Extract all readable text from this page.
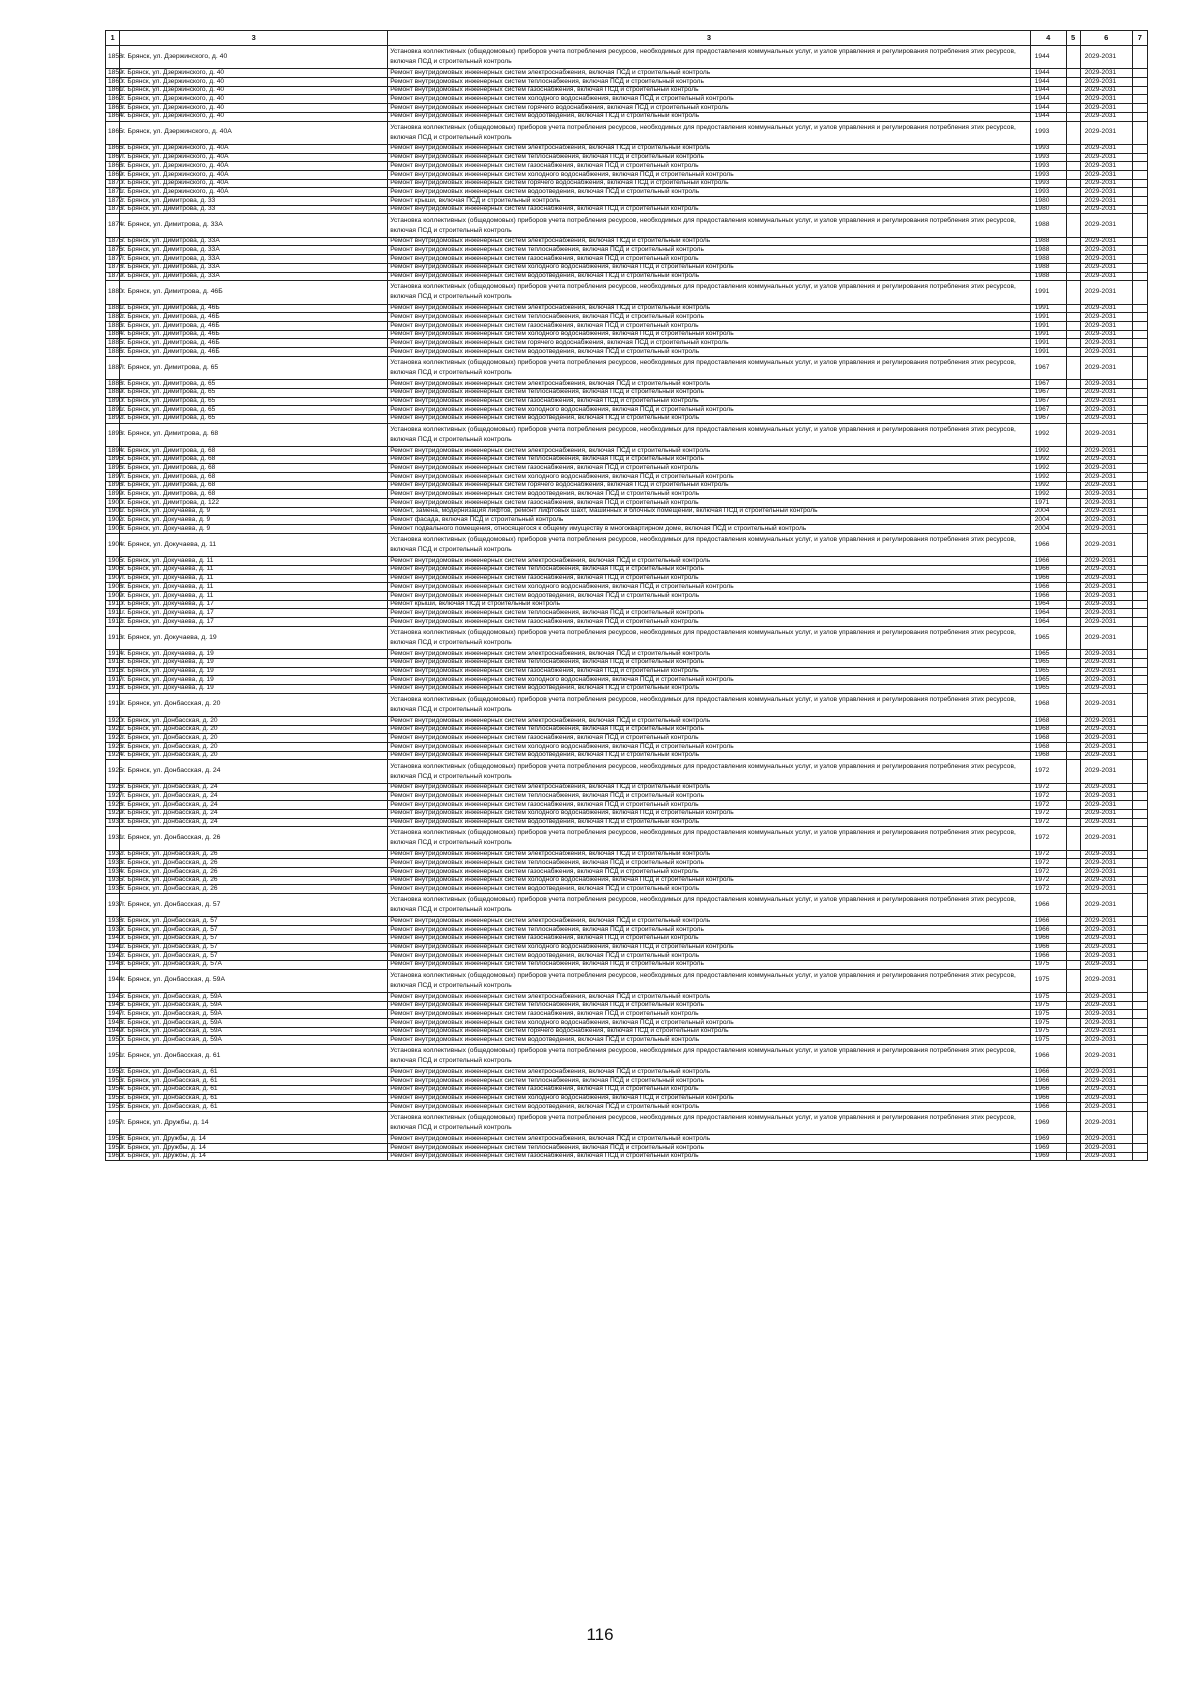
1	3	3	4	5	6	7
1858	г. Брянск, ул. Дзержинского, д. 40	Установка коллективных (общедомовых) приборов учета потребления ресурсов, необходимых для предоставления коммунальных услуг, и узлов управления и регулирования потребления этих ресурсов, включая ПСД и строительный контроль	1944		2029-2031	
1859	г. Брянск, ул. Дзержинского, д. 40	Ремонт внутридомовых инженерных систем электроснабжения, включая ПСД и строительный контроль	1944		2029-2031	
1860	г. Брянск, ул. Дзержинского, д. 40	Ремонт внутридомовых инженерных систем теплоснабжения, включая ПСД и строительный контроль	1944		2029-2031	
1861	г. Брянск, ул. Дзержинского, д. 40	Ремонт внутридомовых инженерных систем газоснабжения, включая ПСД и строительный контроль	1944		2029-2031	
1862	г. Брянск, ул. Дзержинского, д. 40	Ремонт внутридомовых инженерных систем холодного водоснабжения, включая ПСД и строительный контроль	1944		2029-2031	
1863	г. Брянск, ул. Дзержинского, д. 40	Ремонт внутридомовых инженерных систем горячего водоснабжения, включая ПСД и строительный контроль	1944		2029-2031	
1864	г. Брянск, ул. Дзержинского, д. 40	Ремонт внутридомовых инженерных систем водоотведения, включая ПСД и строительный контроль	1944		2029-2031	
1865	г. Брянск, ул. Дзержинского, д. 40А	Установка коллективных (общедомовых) приборов учета потребления ресурсов, необходимых для предоставления коммунальных услуг, и узлов управления и регулирования потребления этих ресурсов, включая ПСД и строительный контроль	1993		2029-2031	
1866	г. Брянск, ул. Дзержинского, д. 40А	Ремонт внутридомовых инженерных систем электроснабжения, включая ПСД и строительный контроль	1993		2029-2031	
1867	г. Брянск, ул. Дзержинского, д. 40А	Ремонт внутридомовых инженерных систем теплоснабжения, включая ПСД и строительный контроль	1993		2029-2031	
1868	г. Брянск, ул. Дзержинского, д. 40А	Ремонт внутридомовых инженерных систем газоснабжения, включая ПСД и строительный контроль	1993		2029-2031	
1869	г. Брянск, ул. Дзержинского, д. 40А	Ремонт внутридомовых инженерных систем холодного водоснабжения, включая ПСД и строительный контроль	1993		2029-2031	
1870	г. Брянск, ул. Дзержинского, д. 40А	Ремонт внутридомовых инженерных систем горячего водоснабжения, включая ПСД и строительный контроль	1993		2029-2031	
1871	г. Брянск, ул. Дзержинского, д. 40А	Ремонт внутридомовых инженерных систем водоотведения, включая ПСД и строительный контроль	1993		2029-2031	
1872	г. Брянск, ул. Димитрова, д. 33	Ремонт крыши, включая ПСД и строительный контроль	1980		2029-2031	
1873	г. Брянск, ул. Димитрова, д. 33	Ремонт внутридомовых инженерных систем газоснабжения, включая ПСД и строительный контроль	1980		2029-2031	
1874	г. Брянск, ул. Димитрова, д. 33А	Установка коллективных (общедомовых) приборов учета потребления ресурсов, необходимых для предоставления коммунальных услуг, и узлов управления и регулирования потребления этих ресурсов, включая ПСД и строительный контроль	1988		2029-2031	
1875	г. Брянск, ул. Димитрова, д. 33А	Ремонт внутридомовых инженерных систем электроснабжения, включая ПСД и строительный контроль	1988		2029-2031	
1876	г. Брянск, ул. Димитрова, д. 33А	Ремонт внутридомовых инженерных систем теплоснабжения, включая ПСД и строительный контроль	1988		2029-2031	
1877	г. Брянск, ул. Димитрова, д. 33А	Ремонт внутридомовых инженерных систем газоснабжения, включая ПСД и строительный контроль	1988		2029-2031	
1878	г. Брянск, ул. Димитрова, д. 33А	Ремонт внутридомовых инженерных систем холодного водоснабжения, включая ПСД и строительный контроль	1988		2029-2031	
1879	г. Брянск, ул. Димитрова, д. 33А	Ремонт внутридомовых инженерных систем водоотведения, включая ПСД и строительный контроль	1988		2029-2031	
1880	г. Брянск, ул. Димитрова, д. 46Б	Установка коллективных (общедомовых) приборов учета потребления ресурсов, необходимых для предоставления коммунальных услуг, и узлов управления и регулирования потребления этих ресурсов, включая ПСД и строительный контроль	1991		2029-2031	
1881	г. Брянск, ул. Димитрова, д. 46Б	Ремонт внутридомовых инженерных систем электроснабжения, включая ПСД и строительный контроль	1991		2029-2031	
1882	г. Брянск, ул. Димитрова, д. 46Б	Ремонт внутридомовых инженерных систем теплоснабжения, включая ПСД и строительный контроль	1991		2029-2031	
1883	г. Брянск, ул. Димитрова, д. 46Б	Ремонт внутридомовых инженерных систем газоснабжения, включая ПСД и строительный контроль	1991		2029-2031	
1884	г. Брянск, ул. Димитрова, д. 46Б	Ремонт внутридомовых инженерных систем холодного водоснабжения, включая ПСД и строительный контроль	1991		2029-2031	
1885	г. Брянск, ул. Димитрова, д. 46Б	Ремонт внутридомовых инженерных систем горячего водоснабжения, включая ПСД и строительный контроль	1991		2029-2031	
1886	г. Брянск, ул. Димитрова, д. 46Б	Ремонт внутридомовых инженерных систем водоотведения, включая ПСД и строительный контроль	1991		2029-2031	
1887	г. Брянск, ул. Димитрова, д. 65	Установка коллективных (общедомовых) приборов учета потребления ресурсов, необходимых для предоставления коммунальных услуг, и узлов управления и регулирования потребления этих ресурсов, включая ПСД и строительный контроль	1967		2029-2031	
1888	г. Брянск, ул. Димитрова, д. 65	Ремонт внутридомовых инженерных систем электроснабжения, включая ПСД и строительный контроль	1967		2029-2031	
1889	г. Брянск, ул. Димитрова, д. 65	Ремонт внутридомовых инженерных систем теплоснабжения, включая ПСД и строительный контроль	1967		2029-2031	
1890	г. Брянск, ул. Димитрова, д. 65	Ремонт внутридомовых инженерных систем газоснабжения, включая ПСД и строительный контроль	1967		2029-2031	
1891	г. Брянск, ул. Димитрова, д. 65	Ремонт внутридомовых инженерных систем холодного водоснабжения, включая ПСД и строительный контроль	1967		2029-2031	
1892	г. Брянск, ул. Димитрова, д. 65	Ремонт внутридомовых инженерных систем водоотведения, включая ПСД и строительный контроль	1967		2029-2031	
1893	г. Брянск, ул. Димитрова, д. 68	Установка коллективных (общедомовых) приборов учета потребления ресурсов, необходимых для предоставления коммунальных услуг, и узлов управления и регулирования потребления этих ресурсов, включая ПСД и строительный контроль	1992		2029-2031	
1894	г. Брянск, ул. Димитрова, д. 68	Ремонт внутридомовых инженерных систем электроснабжения, включая ПСД и строительный контроль	1992		2029-2031	
1895	г. Брянск, ул. Димитрова, д. 68	Ремонт внутридомовых инженерных систем теплоснабжения, включая ПСД и строительный контроль	1992		2029-2031	
1896	г. Брянск, ул. Димитрова, д. 68	Ремонт внутридомовых инженерных систем газоснабжения, включая ПСД и строительный контроль	1992		2029-2031	
1897	г. Брянск, ул. Димитрова, д. 68	Ремонт внутридомовых инженерных систем холодного водоснабжения, включая ПСД и строительный контроль	1992		2029-2031	
1898	г. Брянск, ул. Димитрова, д. 68	Ремонт внутридомовых инженерных систем горячего водоснабжения, включая ПСД и строительный контроль	1992		2029-2031	
1899	г. Брянск, ул. Димитрова, д. 68	Ремонт внутридомовых инженерных систем водоотведения, включая ПСД и строительный контроль	1992		2029-2031	
1900	г. Брянск, ул. Димитрова, д. 122	Ремонт внутридомовых инженерных систем газоснабжения, включая ПСД и строительный контроль	1971		2029-2031	
1901	г. Брянск, ул. Докучаева, д. 9	Ремонт, замена, модернизация лифтов, ремонт лифтовых шахт, машинных и блочных помещений, включая ПСД и строительный контроль	2004		2029-2031	
1902	г. Брянск, ул. Докучаева, д. 9	Ремонт фасада, включая ПСД и строительный контроль	2004		2029-2031	
1903	г. Брянск, ул. Докучаева, д. 9	Ремонт подвального помещения, относящегося к общему имуществу в многоквартирном доме, включая ПСД и строительный контроль	2004		2029-2031	
1904	г. Брянск, ул. Докучаева, д. 11	Установка коллективных (общедомовых) приборов учета потребления ресурсов, необходимых для предоставления коммунальных услуг, и узлов управления и регулирования потребления этих ресурсов, включая ПСД и строительный контроль	1966		2029-2031	
1905	г. Брянск, ул. Докучаева, д. 11	Ремонт внутридомовых инженерных систем электроснабжения, включая ПСД и строительный контроль	1966		2029-2031	
1906	г. Брянск, ул. Докучаева, д. 11	Ремонт внутридомовых инженерных систем теплоснабжения, включая ПСД и строительный контроль	1966		2029-2031	
1907	г. Брянск, ул. Докучаева, д. 11	Ремонт внутридомовых инженерных систем газоснабжения, включая ПСД и строительный контроль	1966		2029-2031	
1908	г. Брянск, ул. Докучаева, д. 11	Ремонт внутридомовых инженерных систем холодного водоснабжения, включая ПСД и строительный контроль	1966		2029-2031	
1909	г. Брянск, ул. Докучаева, д. 11	Ремонт внутридомовых инженерных систем водоотведения, включая ПСД и строительный контроль	1966		2029-2031	
1910	г. Брянск, ул. Докучаева, д. 17	Ремонт крыши, включая ПСД и строительный контроль	1964		2029-2031	
1911	г. Брянск, ул. Докучаева, д. 17	Ремонт внутридомовых инженерных систем теплоснабжения, включая ПСД и строительный контроль	1964		2029-2031	
1912	г. Брянск, ул. Докучаева, д. 17	Ремонт внутридомовых инженерных систем газоснабжения, включая ПСД и строительный контроль	1964		2029-2031	
1913	г. Брянск, ул. Докучаева, д. 19	Установка коллективных (общедомовых) приборов учета потребления ресурсов, необходимых для предоставления коммунальных услуг, и узлов управления и регулирования потребления этих ресурсов, включая ПСД и строительный контроль	1965		2029-2031	
1914	г. Брянск, ул. Докучаева, д. 19	Ремонт внутридомовых инженерных систем электроснабжения, включая ПСД и строительный контроль	1965		2029-2031	
1915	г. Брянск, ул. Докучаева, д. 19	Ремонт внутридомовых инженерных систем теплоснабжения, включая ПСД и строительный контроль	1965		2029-2031	
1916	г. Брянск, ул. Докучаева, д. 19	Ремонт внутридомовых инженерных систем газоснабжения, включая ПСД и строительный контроль	1965		2029-2031	
1917	г. Брянск, ул. Докучаева, д. 19	Ремонт внутридомовых инженерных систем холодного водоснабжения, включая ПСД и строительный контроль	1965		2029-2031	
1918	г. Брянск, ул. Докучаева, д. 19	Ремонт внутридомовых инженерных систем водоотведения, включая ПСД и строительный контроль	1965		2029-2031	
1919	г. Брянск, ул. Донбасская, д. 20	Установка коллективных (общедомовых) приборов учета потребления ресурсов, необходимых для предоставления коммунальных услуг, и узлов управления и регулирования потребления этих ресурсов, включая ПСД и строительный контроль	1968		2029-2031	
1920	г. Брянск, ул. Донбасская, д. 20	Ремонт внутридомовых инженерных систем электроснабжения, включая ПСД и строительный контроль	1968		2029-2031	
1921	г. Брянск, ул. Донбасская, д. 20	Ремонт внутридомовых инженерных систем теплоснабжения, включая ПСД и строительный контроль	1968		2029-2031	
1922	г. Брянск, ул. Донбасская, д. 20	Ремонт внутридомовых инженерных систем газоснабжения, включая ПСД и строительный контроль	1968		2029-2031	
1923	г. Брянск, ул. Донбасская, д. 20	Ремонт внутридомовых инженерных систем холодного водоснабжения, включая ПСД и строительный контроль	1968		2029-2031	
1924	г. Брянск, ул. Донбасская, д. 20	Ремонт внутридомовых инженерных систем водоотведения, включая ПСД и строительный контроль	1968		2029-2031	
1925	г. Брянск, ул. Донбасская, д. 24	Установка коллективных (общедомовых) приборов учета потребления ресурсов, необходимых для предоставления коммунальных услуг, и узлов управления и регулирования потребления этих ресурсов, включая ПСД и строительный контроль	1972		2029-2031	
1926	г. Брянск, ул. Донбасская, д. 24	Ремонт внутридомовых инженерных систем электроснабжения, включая ПСД и строительный контроль	1972		2029-2031	
1927	г. Брянск, ул. Донбасская, д. 24	Ремонт внутридомовых инженерных систем теплоснабжения, включая ПСД и строительный контроль	1972		2029-2031	
1928	г. Брянск, ул. Донбасская, д. 24	Ремонт внутридомовых инженерных систем газоснабжения, включая ПСД и строительный контроль	1972		2029-2031	
1929	г. Брянск, ул. Донбасская, д. 24	Ремонт внутридомовых инженерных систем холодного водоснабжения, включая ПСД и строительный контроль	1972		2029-2031	
1930	г. Брянск, ул. Донбасская, д. 24	Ремонт внутридомовых инженерных систем водоотведения, включая ПСД и строительный контроль	1972		2029-2031	
1931	г. Брянск, ул. Донбасская, д. 26	Установка коллективных (общедомовых) приборов учета потребления ресурсов, необходимых для предоставления коммунальных услуг, и узлов управления и регулирования потребления этих ресурсов, включая ПСД и строительный контроль	1972		2029-2031	
1932	г. Брянск, ул. Донбасская, д. 26	Ремонт внутридомовых инженерных систем электроснабжения, включая ПСД и строительный контроль	1972		2029-2031	
1933	г. Брянск, ул. Донбасская, д. 26	Ремонт внутридомовых инженерных систем теплоснабжения, включая ПСД и строительный контроль	1972		2029-2031	
1934	г. Брянск, ул. Донбасская, д. 26	Ремонт внутридомовых инженерных систем газоснабжения, включая ПСД и строительный контроль	1972		2029-2031	
1935	г. Брянск, ул. Донбасская, д. 26	Ремонт внутридомовых инженерных систем холодного водоснабжения, включая ПСД и строительный контроль	1972		2029-2031	
1936	г. Брянск, ул. Донбасская, д. 26	Ремонт внутридомовых инженерных систем водоотведения, включая ПСД и строительный контроль	1972		2029-2031	
1937	г. Брянск, ул. Донбасская, д. 57	Установка коллективных (общедомовых) приборов учета потребления ресурсов, необходимых для предоставления коммунальных услуг, и узлов управления и регулирования потребления этих ресурсов, включая ПСД и строительный контроль	1966		2029-2031	
1938	г. Брянск, ул. Донбасская, д. 57	Ремонт внутридомовых инженерных систем электроснабжения, включая ПСД и строительный контроль	1966		2029-2031	
1939	г. Брянск, ул. Донбасская, д. 57	Ремонт внутридомовых инженерных систем теплоснабжения, включая ПСД и строительный контроль	1966		2029-2031	
1940	г. Брянск, ул. Донбасская, д. 57	Ремонт внутридомовых инженерных систем газоснабжения, включая ПСД и строительный контроль	1966		2029-2031	
1941	г. Брянск, ул. Донбасская, д. 57	Ремонт внутридомовых инженерных систем холодного водоснабжения, включая ПСД и строительный контроль	1966		2029-2031	
1942	г. Брянск, ул. Донбасская, д. 57	Ремонт внутридомовых инженерных систем водоотведения, включая ПСД и строительный контроль	1966		2029-2031	
1943	г. Брянск, ул. Донбасская, д. 57А	Ремонт внутридомовых инженерных систем теплоснабжения, включая ПСД и строительный контроль	1975		2029-2031	
1944	г. Брянск, ул. Донбасская, д. 59А	Установка коллективных (общедомовых) приборов учета потребления ресурсов, необходимых для предоставления коммунальных услуг, и узлов управления и регулирования потребления этих ресурсов, включая ПСД и строительный контроль	1975		2029-2031	
1945	г. Брянск, ул. Донбасская, д. 59А	Ремонт внутридомовых инженерных систем электроснабжения, включая ПСД и строительный контроль	1975		2029-2031	
1946	г. Брянск, ул. Донбасская, д. 59А	Ремонт внутридомовых инженерных систем теплоснабжения, включая ПСД и строительный контроль	1975		2029-2031	
1947	г. Брянск, ул. Донбасская, д. 59А	Ремонт внутридомовых инженерных систем газоснабжения, включая ПСД и строительный контроль	1975		2029-2031	
1948	г. Брянск, ул. Донбасская, д. 59А	Ремонт внутридомовых инженерных систем холодного водоснабжения, включая ПСД и строительный контроль	1975		2029-2031	
1949	г. Брянск, ул. Донбасская, д. 59А	Ремонт внутридомовых инженерных систем горячего водоснабжения, включая ПСД и строительный контроль	1975		2029-2031	
1950	г. Брянск, ул. Донбасская, д. 59А	Ремонт внутридомовых инженерных систем водоотведения, включая ПСД и строительный контроль	1975		2029-2031	
1951	г. Брянск, ул. Донбасская, д. 61	Установка коллективных (общедомовых) приборов учета потребления ресурсов, необходимых для предоставления коммунальных услуг, и узлов управления и регулирования потребления этих ресурсов, включая ПСД и строительный контроль	1966		2029-2031	
1952	г. Брянск, ул. Донбасская, д. 61	Ремонт внутридомовых инженерных систем электроснабжения, включая ПСД и строительный контроль	1966		2029-2031	
1953	г. Брянск, ул. Донбасская, д. 61	Ремонт внутридомовых инженерных систем теплоснабжения, включая ПСД и строительный контроль	1966		2029-2031	
1954	г. Брянск, ул. Донбасская, д. 61	Ремонт внутридомовых инженерных систем газоснабжения, включая ПСД и строительный контроль	1966		2029-2031	
1955	г. Брянск, ул. Донбасская, д. 61	Ремонт внутридомовых инженерных систем холодного водоснабжения, включая ПСД и строительный контроль	1966		2029-2031	
1956	г. Брянск, ул. Донбасская, д. 61	Ремонт внутридомовых инженерных систем водоотведения, включая ПСД и строительный контроль	1966		2029-2031	
1957	г. Брянск, ул. Дружбы, д. 14	Установка коллективных (общедомовых) приборов учета потребления ресурсов, необходимых для предоставления коммунальных услуг, и узлов управления и регулирования потребления этих ресурсов, включая ПСД и строительный контроль	1969		2029-2031	
1958	г. Брянск, ул. Дружбы, д. 14	Ремонт внутридомовых инженерных систем электроснабжения, включая ПСД и строительный контроль	1969		2029-2031	
1959	г. Брянск, ул. Дружбы, д. 14	Ремонт внутридомовых инженерных систем теплоснабжения, включая ПСД и строительный контроль	1969		2029-2031	
1960	г. Брянск, ул. Дружбы, д. 14	Ремонт внутридомовых инженерных систем газоснабжения, включая ПСД и строительный контроль	1969		2029-2031	
116
